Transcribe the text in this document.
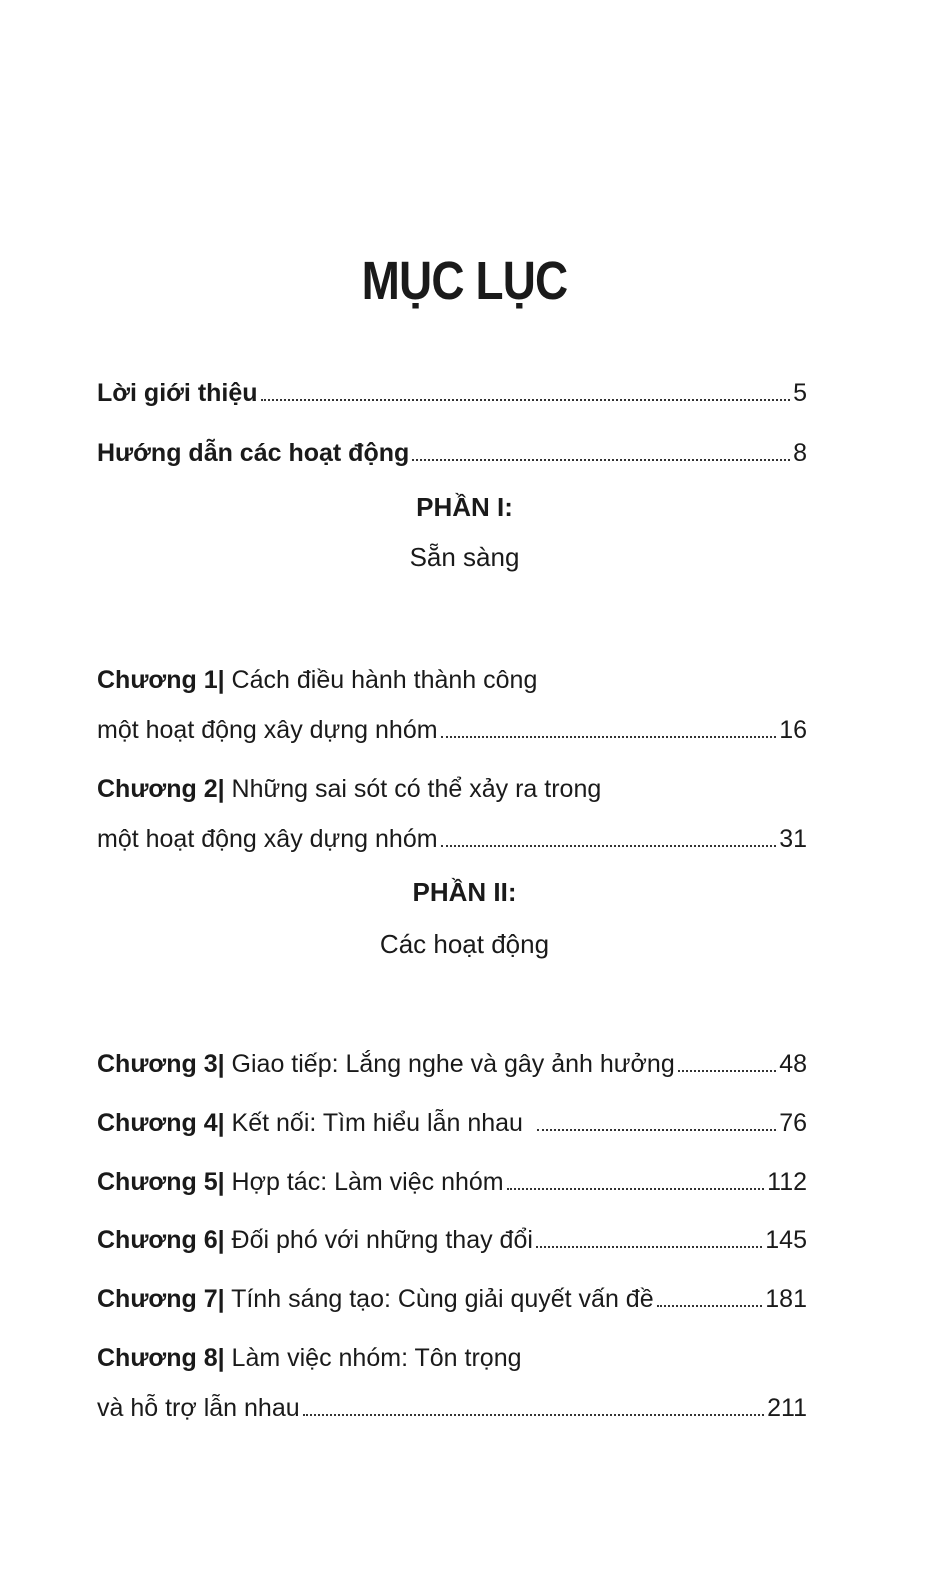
MỤC LỤC
Lời giới thiệu	5
Hướng dẫn các hoạt động	8
PHẦN I:
Sẵn sàng
Chương 1| Cách điều hành thành công
một hoạt động xây dựng nhóm	16
Chương 2| Những sai sót có thể xảy ra trong
một hoạt động xây dựng nhóm	31
PHẦN II:
Các hoạt động
Chương 3| Giao tiếp: Lắng nghe và gây ảnh hưởng	48
Chương 4| Kết nối: Tìm hiểu lẫn nhau	76
Chương 5| Hợp tác: Làm việc nhóm	112
Chương 6| Đối phó với những thay đổi	145
Chương 7| Tính sáng tạo: Cùng giải quyết vấn đề	181
Chương 8| Làm việc nhóm: Tôn trọng
và hỗ trợ lẫn nhau	211
